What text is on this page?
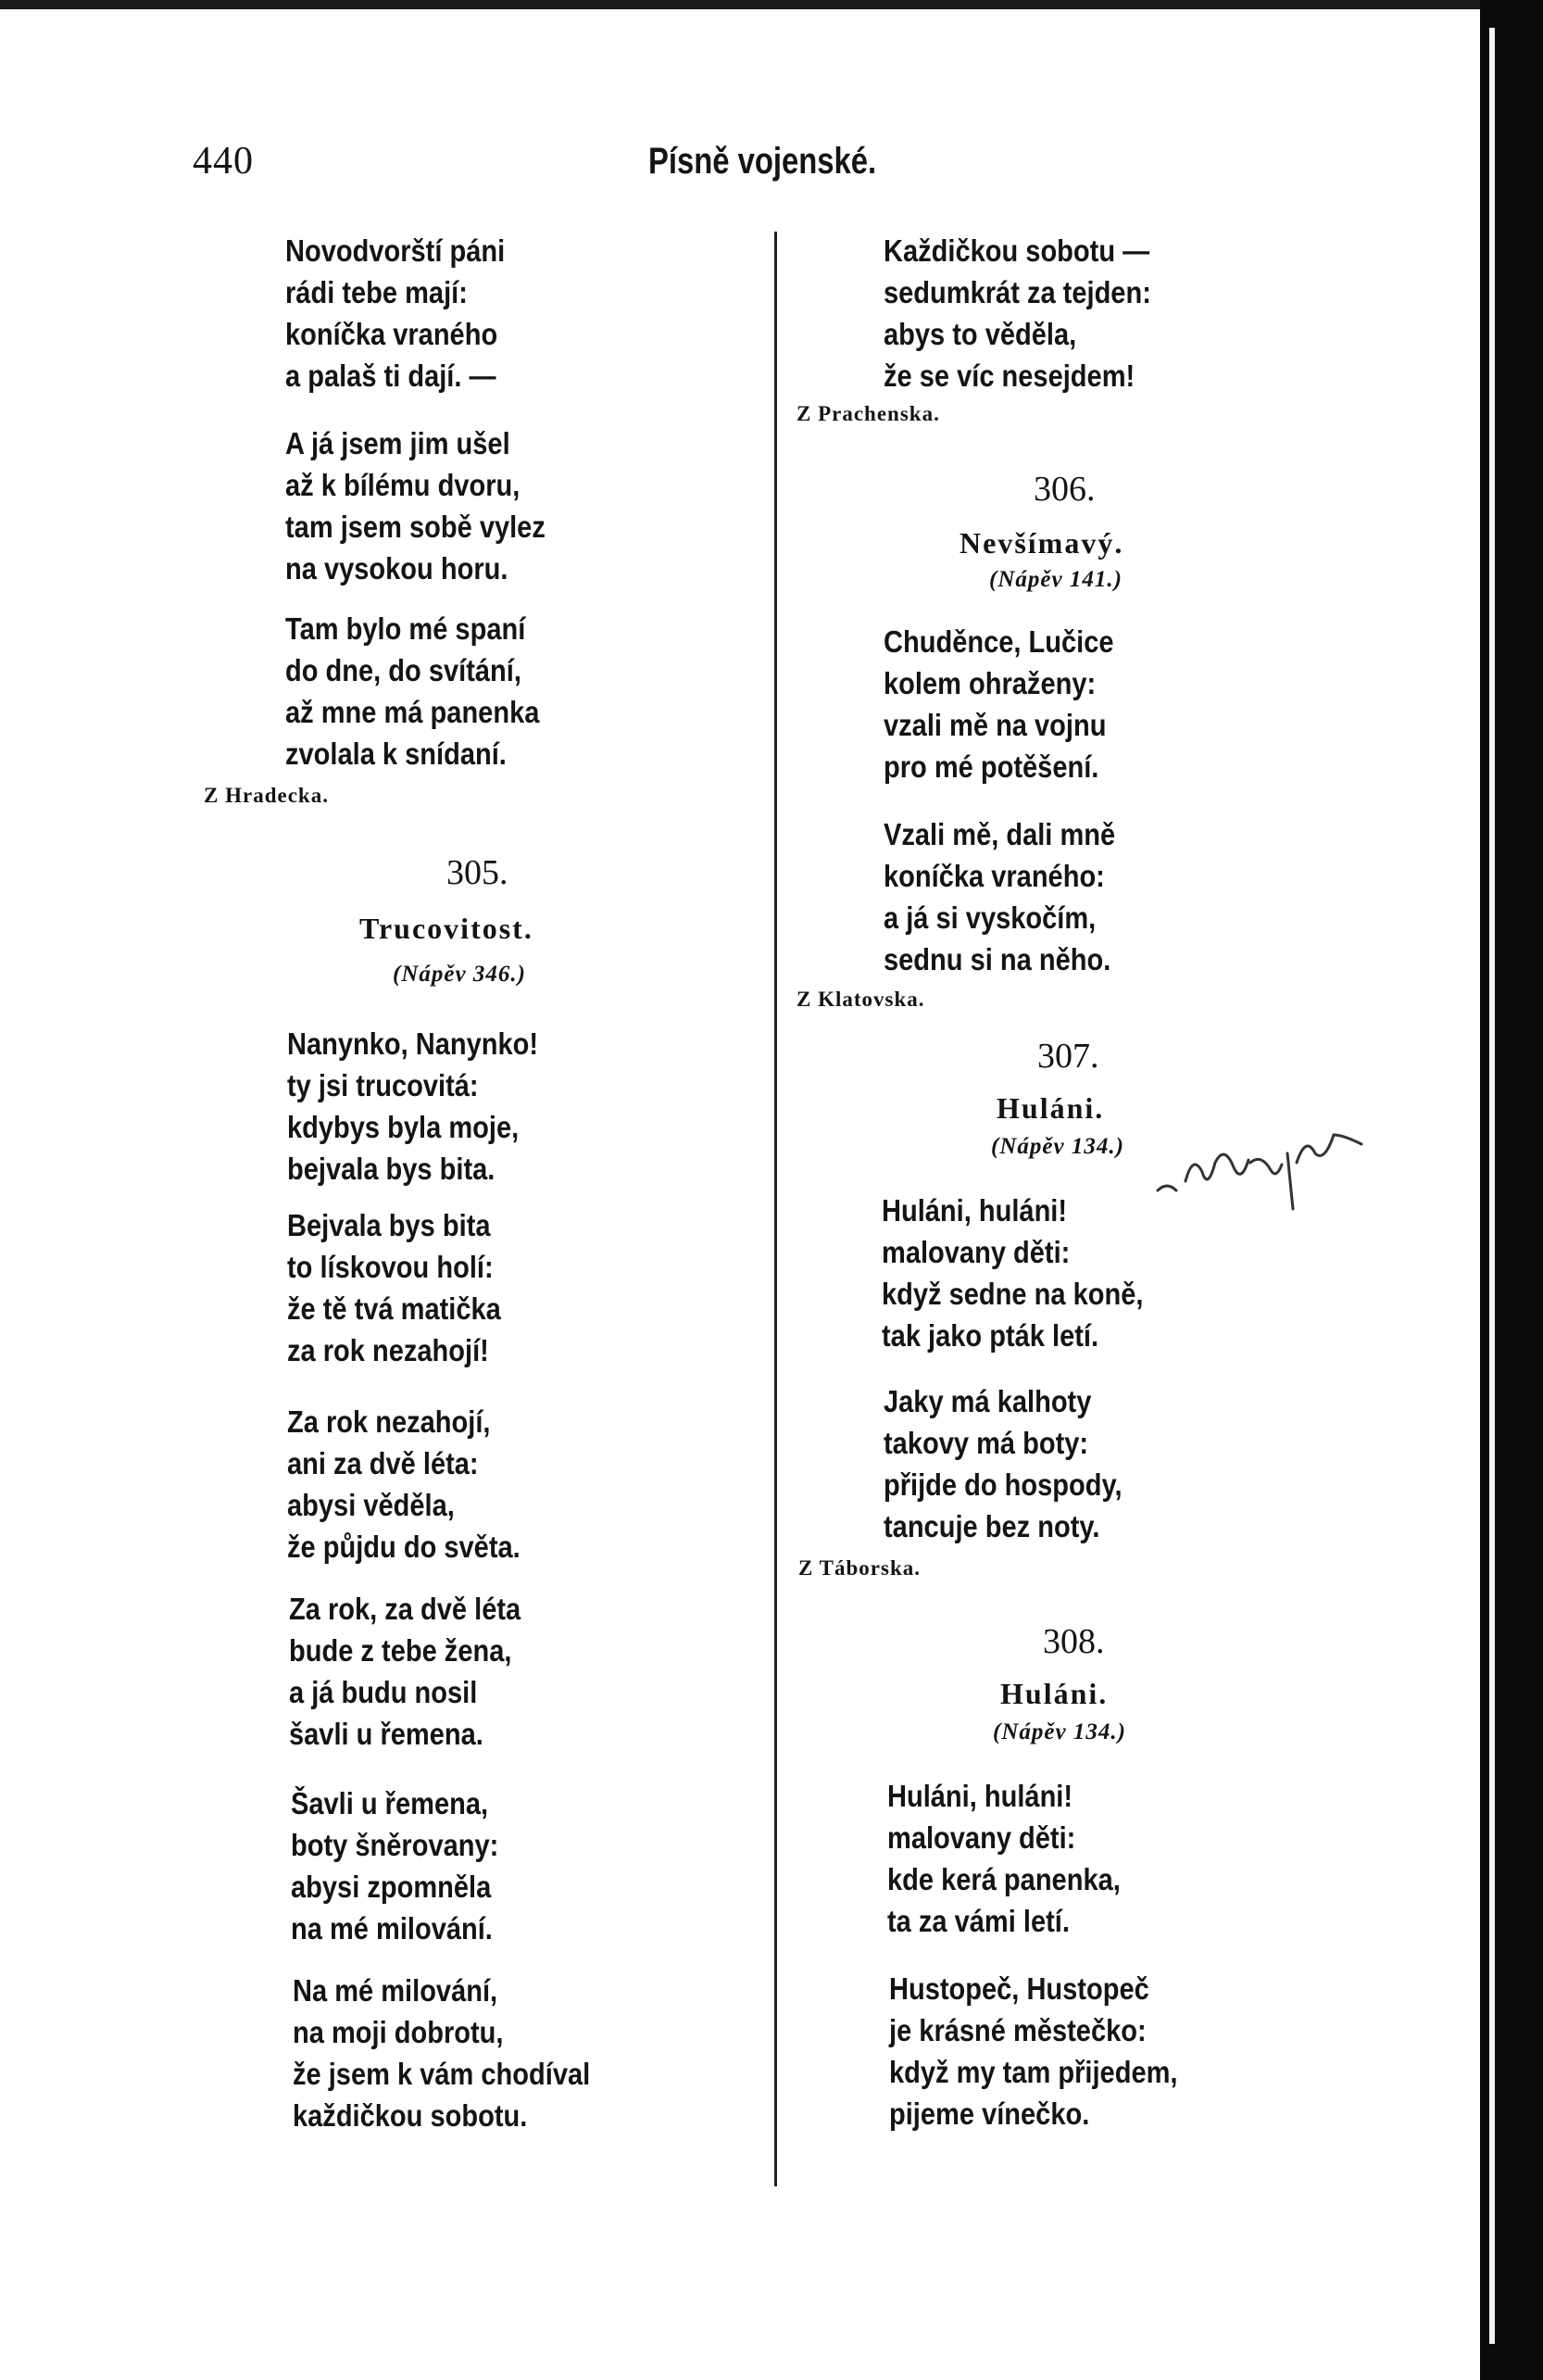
440	Písně vojenské.
Novodvorští páni
rádi tebe mají:
koníčka vraného
a palaš ti dají. —
A já jsem jim ušel
až k bílému dvoru,
tam jsem sobě vylez
na vysokou horu.
Tam bylo mé spaní
do dne, do svítání,
až mne má panenka
zvolala k snídaní.
Z Hradecka.
305.
Trucovitost.
(Nápěv 346.)
Nanynko, Nanynko!
ty jsi trucovitá:
kdybys byla moje,
bejvala bys bita.
Bejvala bys bita
to lískovou holí:
že tě tvá matička
za rok nezahojí!
Za rok nezahojí,
ani za dvě léta:
abysi věděla,
že půjdu do světa.
Za rok, za dvě léta
bude z tebe žena,
a já budu nosil
šavli u řemena.
Šavli u řemena,
boty šněrovany:
abysi zpomněla
na mé milování.
Na mé milování,
na moji dobrotu,
že jsem k vám chodíval
každičkou sobotu.
Každičkou sobotu —
sedumkrát za tejden:
abys to věděla,
že se víc nesejdem!
Z Prachenska.
306.
Nevšímavý.
(Nápěv 141.)
Chuděnce, Lučice
kolem ohraženy:
vzali mě na vojnu
pro mé potěšení.
Vzali mě, dali mně
koníčka vraného:
a já si vyskočím,
sednu si na něho.
Z Klatovska.
307.
Huláni.
(Nápěv 134.)
Huláni, huláni!
malovany děti:
když sedne na koně,
tak jako pták letí.
Jaky má kalhoty
takovy má boty:
přijde do hospody,
tancuje bez noty.
Z Táborska.
308.
Huláni.
(Nápěv 134.)
Huláni, huláni!
malovany děti:
kde kerá panenka,
ta za vámi letí.
Hustopeč, Hustopeč
je krásné městečko:
když my tam přijedem,
pijeme vínečko.
